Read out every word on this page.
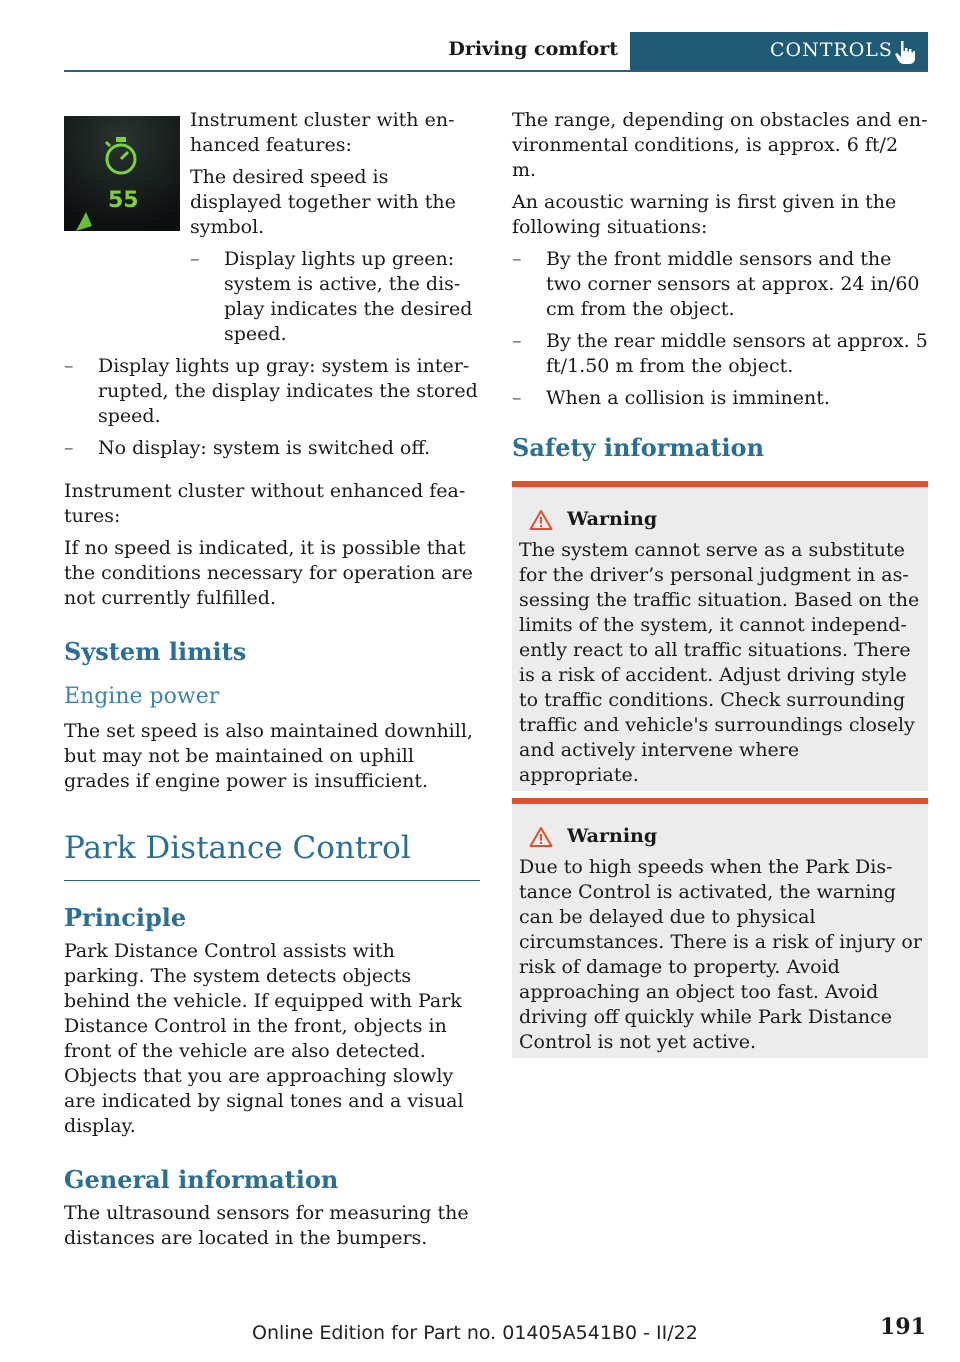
Driving comfort	CONTROLS
55

Instrument cluster with enhanced features:

The desired speed is displayed together with the symbol.

– Display lights up green: system is active, the display indicates the desired speed.
– Display lights up gray: system is interrupted, the display indicates the stored speed.
– No display: system is switched off.

Instrument cluster without enhanced features:

If no speed is indicated, it is possible that the conditions necessary for operation are not currently fulfilled.

System limits
Engine power

The set speed is also maintained downhill, but may not be maintained on uphill grades if engine power is insufficient.

Park Distance Control
Principle

Park Distance Control assists with parking. The system detects objects behind the vehicle. If equipped with Park Distance Control in the front, objects in front of the vehicle are also detected. Objects that you are approaching slowly are indicated by signal tones and a visual display.

General information

The ultrasound sensors for measuring the distances are located in the bumpers.

The range, depending on obstacles and environmental conditions, is approx. 6 ft/2 m.

An acoustic warning is first given in the following situations:

– By the front middle sensors and the two corner sensors at approx. 24 in/60 cm from the object.
– By the rear middle sensors at approx. 5 ft/1.50 m from the object.
– When a collision is imminent.
Safety information
Warning
The system cannot serve as a substitute for the driver’s personal judgment in assessing the traffic situation. Based on the limits of the system, it cannot independently react to all traffic situations. There is a risk of accident. Adjust driving style to traffic conditions. Check surrounding traffic and vehicle's surroundings closely and actively intervene where appropriate.
Warning
Due to high speeds when the Park Distance Control is activated, the warning can be delayed due to physical circumstances. There is a risk of injury or risk of damage to property. Avoid approaching an object too fast. Avoid driving off quickly while Park Distance Control is not yet active.
191
Online Edition for Part no. 01405A541B0 - II/22
